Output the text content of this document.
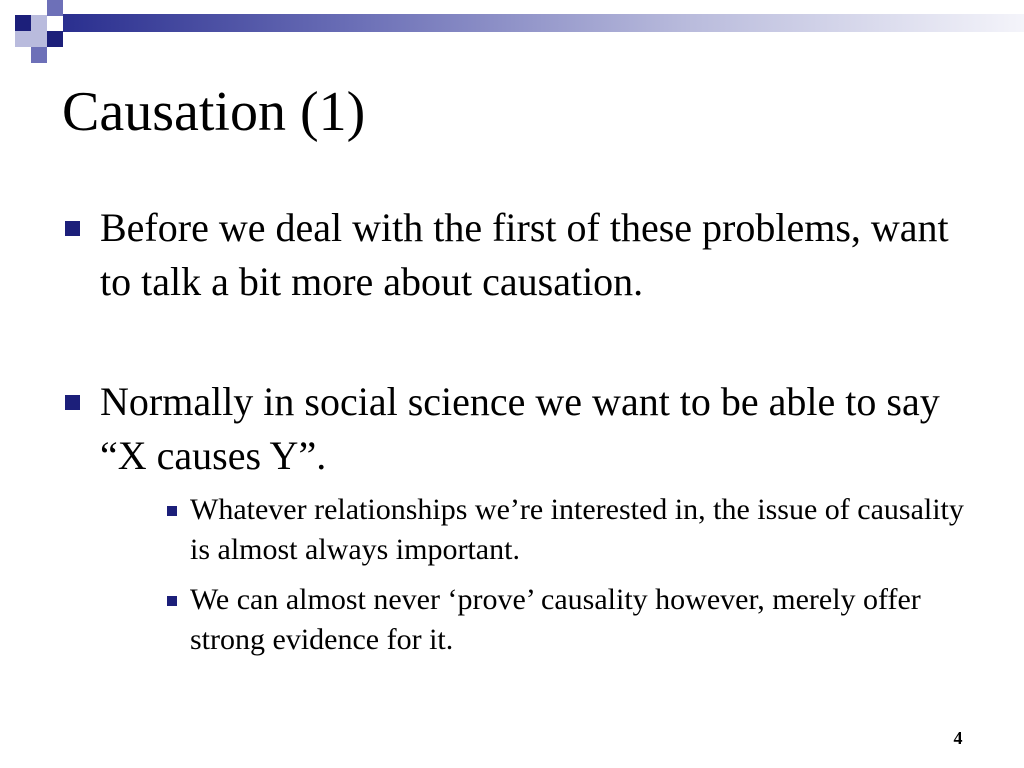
Causation (1)
Before we deal with the first of these problems, want to talk a bit more about causation.
Normally in social science we want to be able to say “X causes Y”.
Whatever relationships we’re interested in, the issue of causality is almost always important.
We can almost never ‘prove’ causality however, merely offer strong evidence for it.
4
